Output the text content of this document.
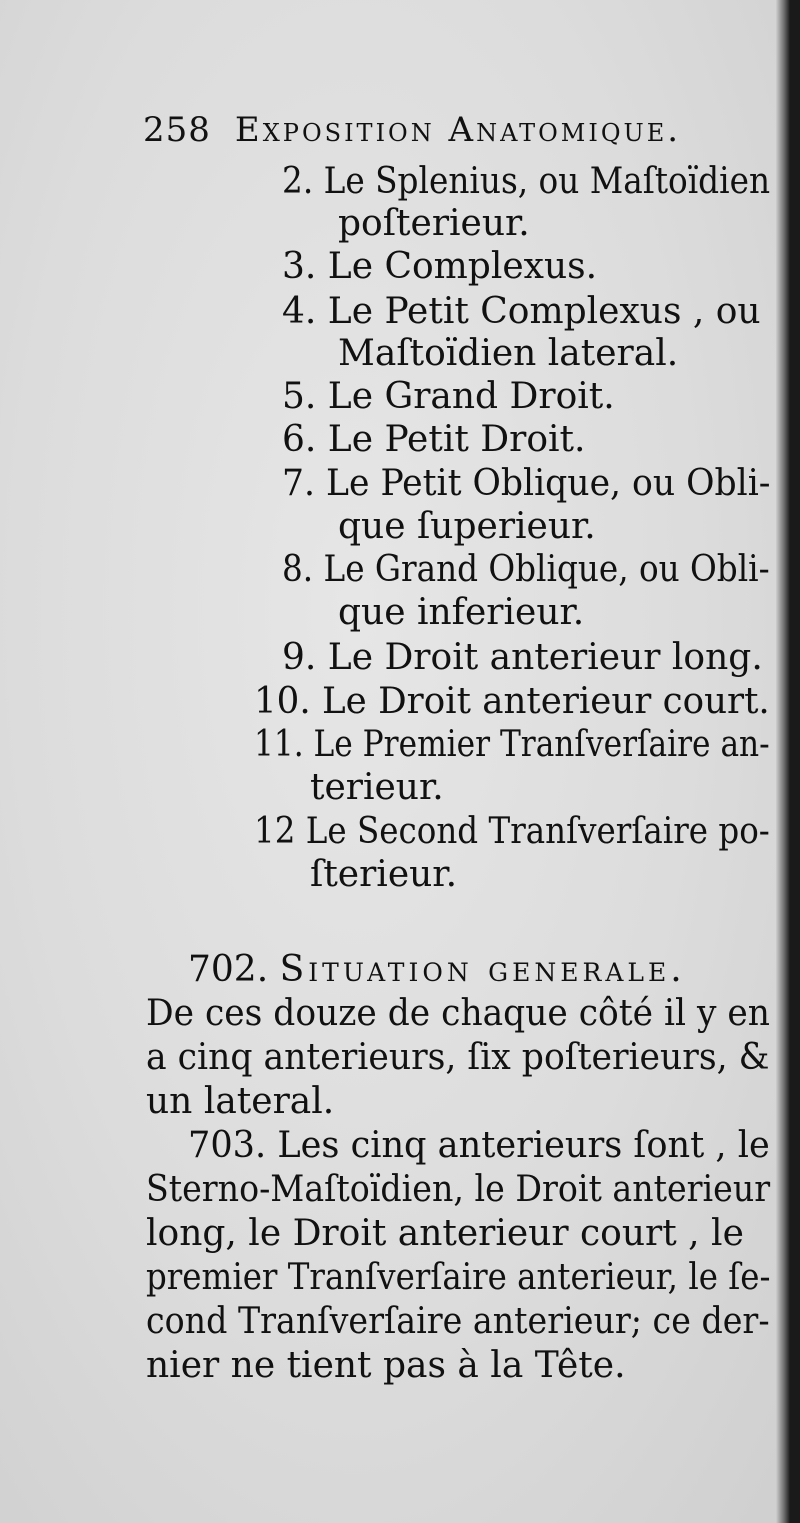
258 Exposition Anatomique.
2. Le Splenius, ou Maſtoïdien
poſterieur.
3. Le Complexus.
4. Le Petit Complexus , ou
Maſtoïdien lateral.
5. Le Grand Droit.
6. Le Petit Droit.
7. Le Petit Oblique, ou Obli-
que ſuperieur.
8. Le Grand Oblique, ou Obli-
que inferieur.
9. Le Droit anterieur long.
10. Le Droit anterieur court.
11. Le Premier Tranſverſaire an-
terieur.
12 Le Second Tranſverſaire po-
ſterieur.
702. Situation generale.
De ces douze de chaque côté il y en
a cinq anterieurs, ſix poſterieurs, &
un lateral.
703. Les cinq anterieurs ſont , le
Sterno-Maſtoïdien, le Droit anterieur
long, le Droit anterieur court , le
premier Tranſverſaire anterieur, le ſe-
cond Tranſverſaire anterieur; ce der-
nier ne tient pas à la Tête.
